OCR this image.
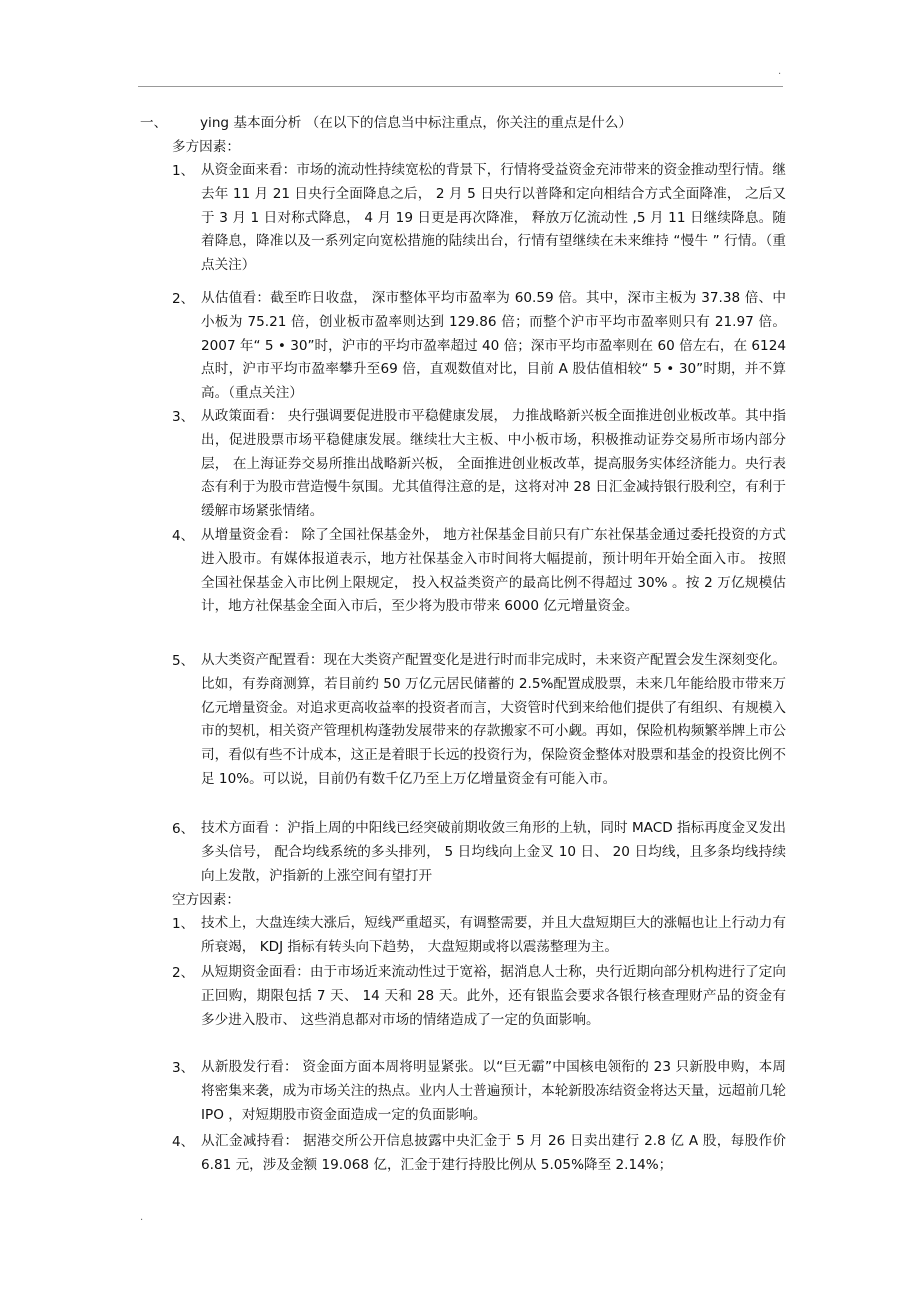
.
一、 ying 基本面分析 （在以下的信息当中标注重点，你关注的重点是什么）
多方因素：
1、 从资金面来看：市场的流动性持续宽松的背景下，行情将受益资金充沛带来的资金推动型行情。继去年 11 月 21 日央行全面降息之后， 2 月 5 日央行以普降和定向相结合方式全面降准， 之后又于 3 月 1 日对称式降息， 4 月 19 日更是再次降准， 释放万亿流动性 ,5 月 11 日继续降息。随着降息，降准以及一系列定向宽松措施的陆续出台，行情有望继续在未来维持 “慢牛 ” 行情。（重点关注）
2、 从估值看：截至昨日收盘， 深市整体平均市盈率为 60.59 倍。其中，深市主板为 37.38 倍、中小板为 75.21 倍，创业板市盈率则达到 129.86 倍；而整个沪市平均市盈率则只有 21.97 倍。 2007 年“ 5 • 30”时，沪市的平均市盈率超过 40 倍；深市平均市盈率则在 60 倍左右，在 6124 点时，沪市平均市盈率攀升至69 倍，直观数值对比，目前 A 股估值相较“ 5 • 30”时期，并不算高。（重点关注）
3、 从政策面看： 央行强调要促进股市平稳健康发展， 力推战略新兴板全面推进创业板改革。其中指出，促进股票市场平稳健康发展。继续壮大主板、中小板市场，积极推动证券交易所市场内部分层， 在上海证券交易所推出战略新兴板， 全面推进创业板改革，提高服务实体经济能力。央行表态有利于为股市营造慢牛氛围。尤其值得注意的是，这将对冲 28 日汇金减持银行股利空，有利于缓解市场紧张情绪。
4、 从增量资金看： 除了全国社保基金外， 地方社保基金目前只有广东社保基金通过委托投资的方式进入股市。有媒体报道表示，地方社保基金入市时间将大幅提前，预计明年开始全面入市。 按照全国社保基金入市比例上限规定， 投入权益类资产的最高比例不得超过 30% 。按 2 万亿规模估计，地方社保基金全面入市后，至少将为股市带来 6000 亿元增量资金。
5、 从大类资产配置看：现在大类资产配置变化是进行时而非完成时，未来资产配置会发生深刻变化。比如，有券商测算，若目前约 50 万亿元居民储蓄的 2.5%配置成股票，未来几年能给股市带来万亿元增量资金。对追求更高收益率的投资者而言，大资管时代到来给他们提供了有组织、有规模入市的契机，相关资产管理机构蓬勃发展带来的存款搬家不可小觑。再如，保险机构频繁举牌上市公司，看似有些不计成本，这正是着眼于长远的投资行为，保险资金整体对股票和基金的投资比例不足 10%。可以说，目前仍有数千亿乃至上万亿增量资金有可能入市。
6、 技术方面看 ：沪指上周的中阳线已经突破前期收敛三角形的上轨，同时 MACD 指标再度金叉发出多头信号， 配合均线系统的多头排列， 5 日均线向上金叉 10 日、 20 日均线，且多条均线持续向上发散，沪指新的上涨空间有望打开
空方因素：
1、 技术上，大盘连续大涨后，短线严重超买，有调整需要，并且大盘短期巨大的涨幅也让上行动力有所衰竭， KDJ 指标有转头向下趋势， 大盘短期或将以震荡整理为主。
2、 从短期资金面看：由于市场近来流动性过于宽裕，据消息人士称，央行近期向部分机构进行了定向正回购，期限包括 7 天、 14 天和 28 天。此外，还有银监会要求各银行核查理财产品的资金有多少进入股市、 这些消息都对市场的情绪造成了一定的负面影响。
3、 从新股发行看： 资金面方面本周将明显紧张。以“巨无霸”中国核电领衔的 23 只新股申购，本周将密集来袭，成为市场关注的热点。业内人士普遍预计，本轮新股冻结资金将达天量，远超前几轮 IPO ，对短期股市资金面造成一定的负面影响。
4、 从汇金减持看： 据港交所公开信息披露中央汇金于 5 月 26 日卖出建行 2.8 亿 A 股，每股作价 6.81 元，涉及金额 19.068 亿，汇金于建行持股比例从 5.05%降至 2.14%；
.
